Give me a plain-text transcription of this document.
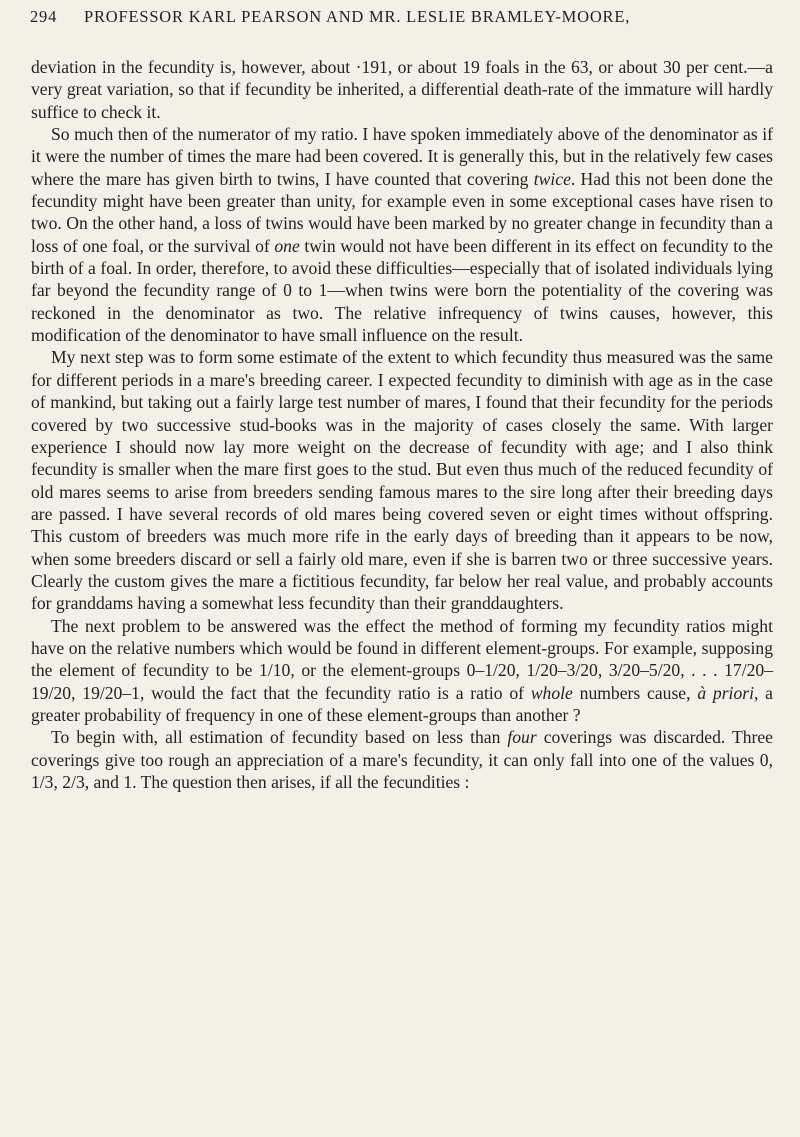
294 PROFESSOR KARL PEARSON AND MR. LESLIE BRAMLEY-MOORE,

deviation in the fecundity is, however, about ·191, or about 19 foals in the 63, or about 30 per cent.—a very great variation, so that if fecundity be inherited, a differential death-rate of the immature will hardly suffice to check it.

So much then of the numerator of my ratio. I have spoken immediately above of the denominator as if it were the number of times the mare had been covered. It is generally this, but in the relatively few cases where the mare has given birth to twins, I have counted that covering twice. Had this not been done the fecundity might have been greater than unity, for example even in some exceptional cases have risen to two. On the other hand, a loss of twins would have been marked by no greater change in fecundity than a loss of one foal, or the survival of one twin would not have been different in its effect on fecundity to the birth of a foal. In order, therefore, to avoid these difficulties—especially that of isolated individuals lying far beyond the fecundity range of 0 to 1—when twins were born the potentiality of the covering was reckoned in the denominator as two. The relative infrequency of twins causes, however, this modification of the denominator to have small influence on the result.

My next step was to form some estimate of the extent to which fecundity thus measured was the same for different periods in a mare's breeding career. I expected fecundity to diminish with age as in the case of mankind, but taking out a fairly large test number of mares, I found that their fecundity for the periods covered by two successive stud-books was in the majority of cases closely the same. With larger experience I should now lay more weight on the decrease of fecundity with age; and I also think fecundity is smaller when the mare first goes to the stud. But even thus much of the reduced fecundity of old mares seems to arise from breeders sending famous mares to the sire long after their breeding days are passed. I have several records of old mares being covered seven or eight times without offspring. This custom of breeders was much more rife in the early days of breeding than it appears to be now, when some breeders discard or sell a fairly old mare, even if she is barren two or three successive years. Clearly the custom gives the mare a fictitious fecundity, far below her real value, and probably accounts for granddams having a somewhat less fecundity than their granddaughters.

The next problem to be answered was the effect the method of forming my fecundity ratios might have on the relative numbers which would be found in different element-groups. For example, supposing the element of fecundity to be 1/10, or the element-groups 0–1/20, 1/20–3/20, 3/20–5/20, . . . 17/20–19/20, 19/20–1, would the fact that the fecundity ratio is a ratio of whole numbers cause, à priori, a greater probability of frequency in one of these element-groups than another ?

To begin with, all estimation of fecundity based on less than four coverings was discarded. Three coverings give too rough an appreciation of a mare's fecundity, it can only fall into one of the values 0, 1/3, 2/3, and 1. The question then arises, if all the fecundities :
